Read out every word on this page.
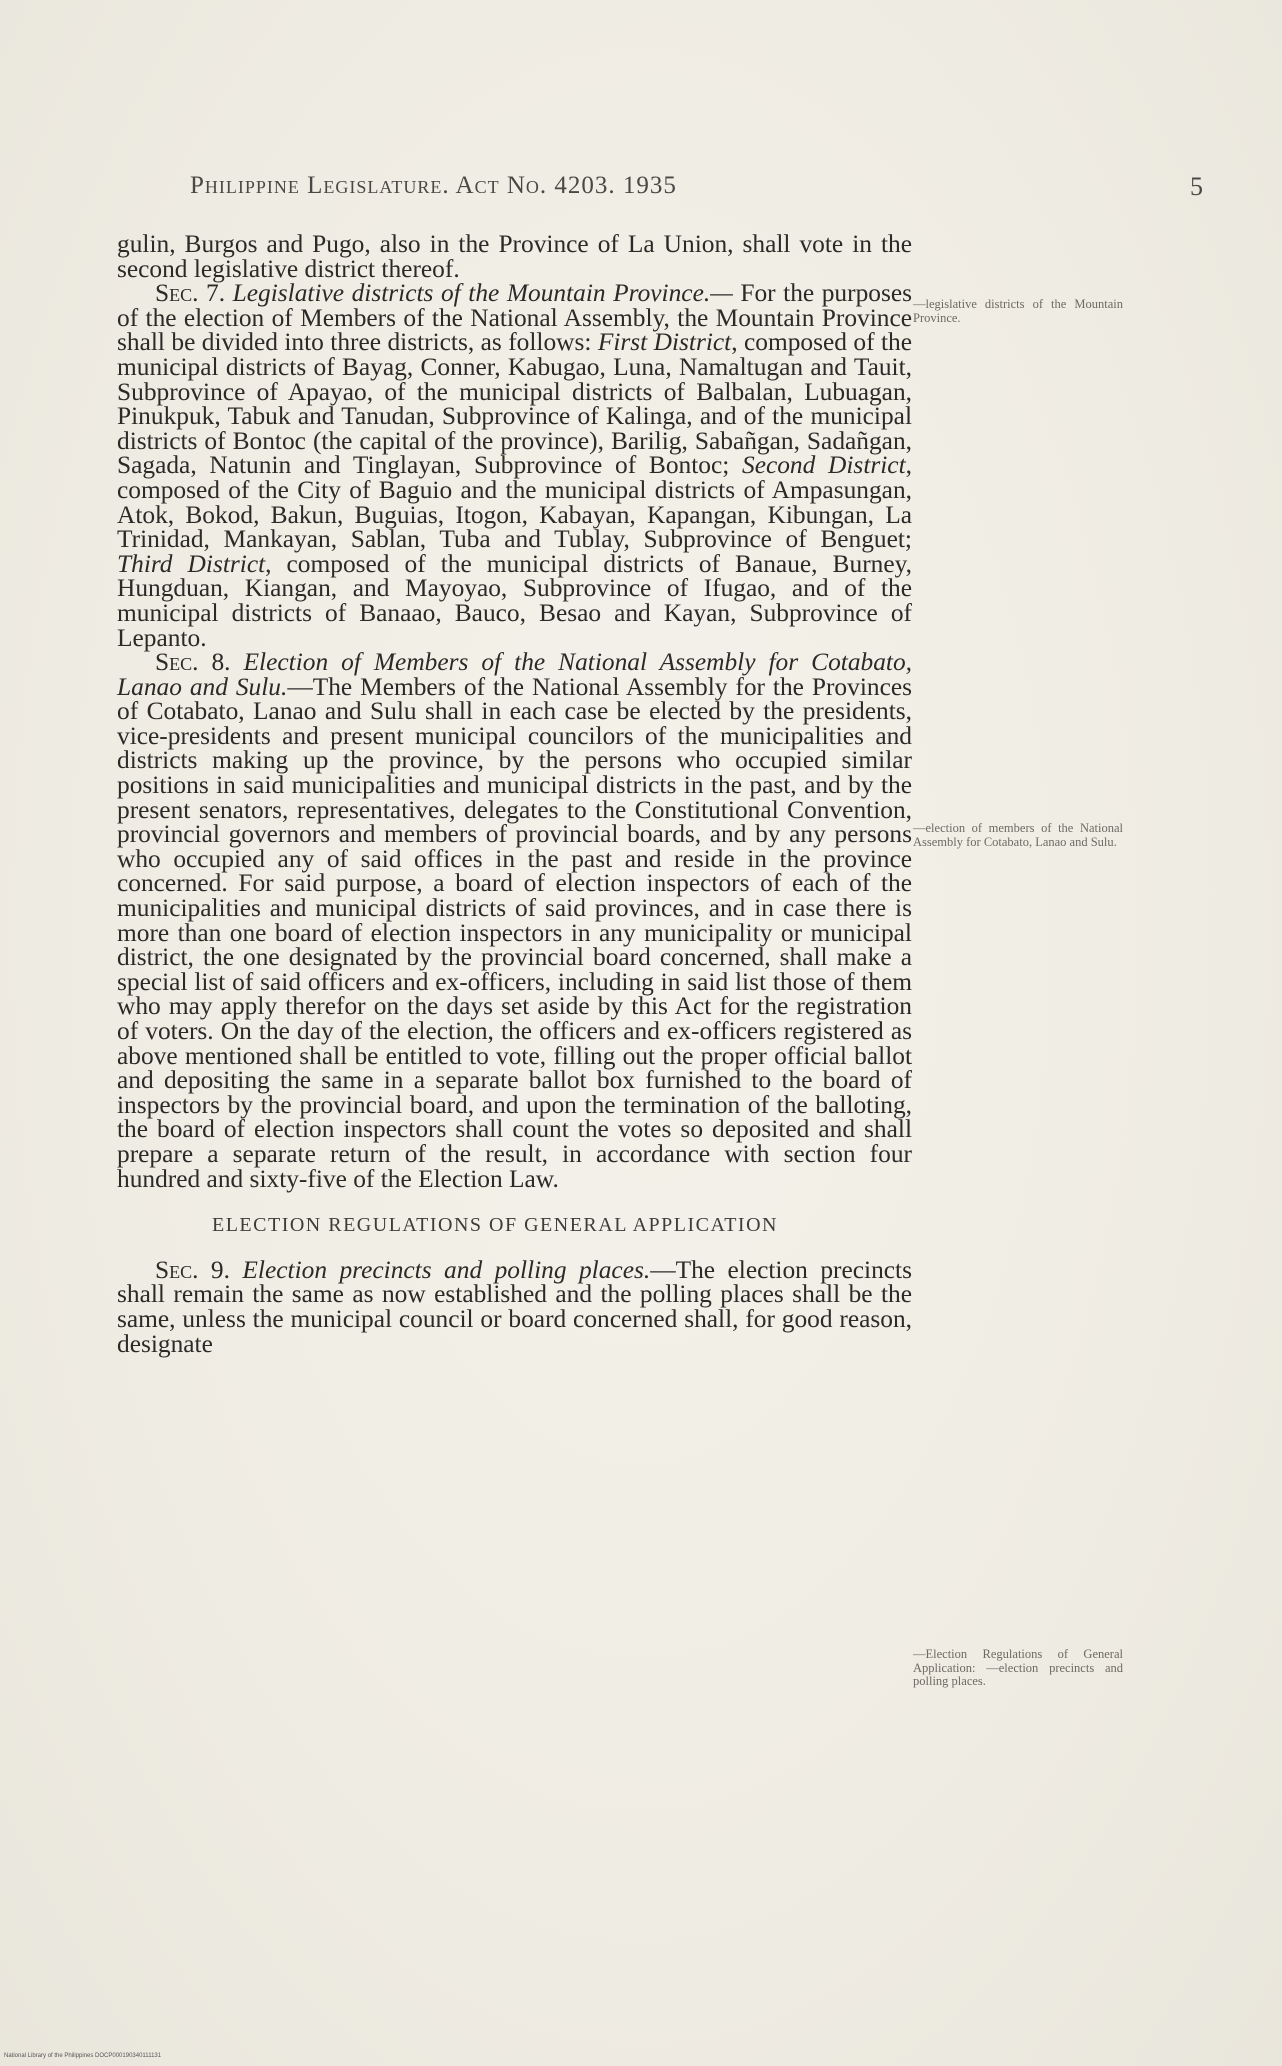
Philippine Legislature. Act No. 4203. 1935	5

gulin, Burgos and Pugo, also in the Province of La Union, shall vote in the second legislative district thereof.

Sec. 7. Legislative districts of the Mountain Province.— For the purposes of the election of Members of the National Assembly, the Mountain Province shall be divided into three districts, as follows: First District, composed of the municipal districts of Bayag, Conner, Kabugao, Luna, Namaltugan and Tauit, Subprovince of Apayao, of the municipal districts of Balbalan, Lubuagan, Pinukpuk, Tabuk and Tanudan, Subprovince of Kalinga, and of the municipal districts of Bontoc (the capital of the province), Barilig, Sabañgan, Sadañgan, Sagada, Natunin and Tinglayan, Subprovince of Bontoc; Second District, composed of the City of Baguio and the municipal districts of Ampasungan, Atok, Bokod, Bakun, Buguias, Itogon, Kabayan, Kapangan, Kibungan, La Trinidad, Mankayan, Sablan, Tuba and Tublay, Subprovince of Benguet; Third District, composed of the municipal districts of Banaue, Burney, Hungduan, Kiangan, and Mayoyao, Subprovince of Ifugao, and of the municipal districts of Banaao, Bauco, Besao and Kayan, Subprovince of Lepanto.

Sec. 8. Election of Members of the National Assembly for Cotabato, Lanao and Sulu.—The Members of the National Assembly for the Provinces of Cotabato, Lanao and Sulu shall in each case be elected by the presidents, vice-presidents and present municipal councilors of the municipalities and districts making up the province, by the persons who occupied similar positions in said municipalities and municipal districts in the past, and by the present senators, representatives, delegates to the Constitutional Convention, provincial governors and members of provincial boards, and by any persons who occupied any of said offices in the past and reside in the province concerned. For said purpose, a board of election inspectors of each of the municipalities and municipal districts of said provinces, and in case there is more than one board of election inspectors in any municipality or municipal district, the one designated by the provincial board concerned, shall make a special list of said officers and ex-officers, including in said list those of them who may apply therefor on the days set aside by this Act for the registration of voters. On the day of the election, the officers and ex-officers registered as above mentioned shall be entitled to vote, filling out the proper official ballot and depositing the same in a separate ballot box furnished to the board of inspectors by the provincial board, and upon the termination of the balloting, the board of election inspectors shall count the votes so deposited and shall prepare a separate return of the result, in accordance with section four hundred and sixty-five of the Election Law.

ELECTION REGULATIONS OF GENERAL APPLICATION

Sec. 9. Election precincts and polling places.—The election precincts shall remain the same as now established and the polling places shall be the same, unless the municipal council or board concerned shall, for good reason, designate

—legislative districts of the Mountain Province.
—election of members of the National Assembly for Cotabato, Lanao and Sulu.
—Election Regulations of General Application: —election precincts and polling places.
National Library of the Philippines DOCP000190340111131
